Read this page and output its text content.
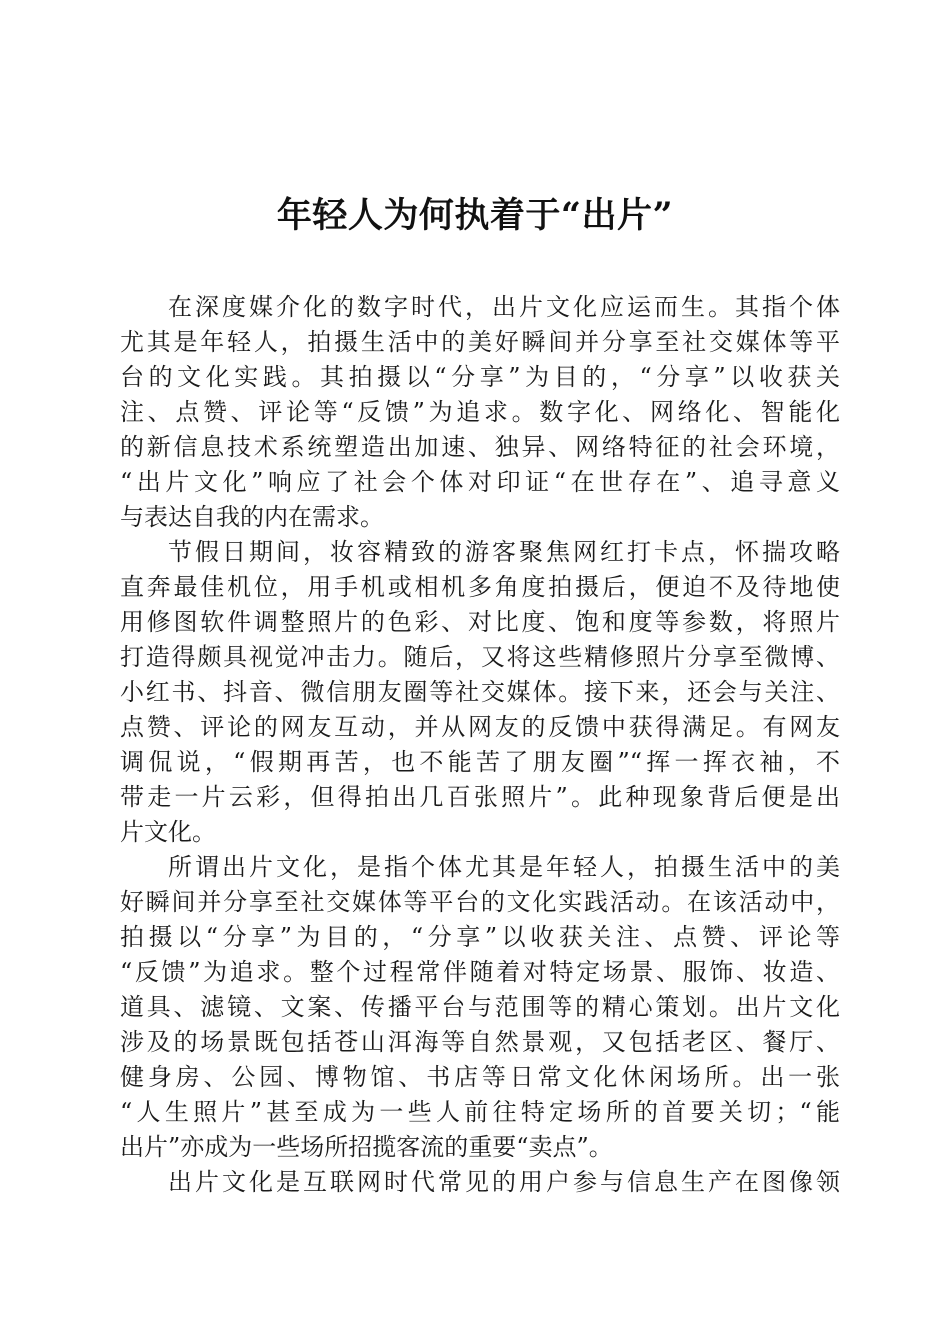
年轻人为何执着于“出片”
在深度媒介化的数字时代，出片文化应运而生。其指个体
尤其是年轻人，拍摄生活中的美好瞬间并分享至社交媒体等平
台的文化实践。其拍摄以“分享”为目的，“分享”以收获关
注、点赞、评论等“反馈”为追求。数字化、网络化、智能化
的新信息技术系统塑造出加速、独异、网络特征的社会环境，
“出片文化”响应了社会个体对印证“在世存在”、追寻意义
与表达自我的内在需求。
节假日期间，妆容精致的游客聚焦网红打卡点，怀揣攻略
直奔最佳机位，用手机或相机多角度拍摄后，便迫不及待地使
用修图软件调整照片的色彩、对比度、饱和度等参数，将照片
打造得颇具视觉冲击力。随后，又将这些精修照片分享至微博、
小红书、抖音、微信朋友圈等社交媒体。接下来，还会与关注、
点赞、评论的网友互动，并从网友的反馈中获得满足。有网友
调侃说，“假期再苦，也不能苦了朋友圈”“挥一挥衣袖，不
带走一片云彩，但得拍出几百张照片”。此种现象背后便是出
片文化。
所谓出片文化，是指个体尤其是年轻人，拍摄生活中的美
好瞬间并分享至社交媒体等平台的文化实践活动。在该活动中，
拍摄以“分享”为目的，“分享”以收获关注、点赞、评论等
“反馈”为追求。整个过程常伴随着对特定场景、服饰、妆造、
道具、滤镜、文案、传播平台与范围等的精心策划。出片文化
涉及的场景既包括苍山洱海等自然景观，又包括老区、餐厅、
健身房、公园、博物馆、书店等日常文化休闲场所。出一张
“人生照片”甚至成为一些人前往特定场所的首要关切；“能
出片”亦成为一些场所招揽客流的重要“卖点”。
出片文化是互联网时代常见的用户参与信息生产在图像领
